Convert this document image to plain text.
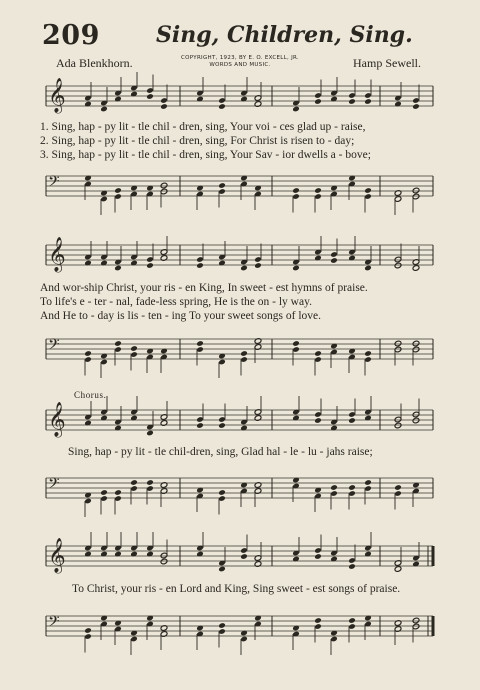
209	Sing, Children, Sing.
Ada Blenkhorn.	COPYRIGHT, 1923, BY E. O. EXCELL, JR.
WORDS AND MUSIC.	Hamp Sewell.
𝄞
1. Sing, hap - py lit - tle chil - dren, sing, Your voi - ces glad up - raise,
2. Sing, hap - py lit - tle chil - dren, sing, For Christ is risen to - day;
3. Sing, hap - py lit - tle chil - dren, sing, Your Sav - ior dwells a - bove;
𝄢
𝄞
And wor-ship Christ, your ris - en King, In sweet - est hymns of praise.
To life's e - ter - nal, fade-less spring, He is the on - ly way.
And He to - day is lis - ten - ing To your sweet songs of love.
𝄢
Chorus.
𝄞
Sing, hap - py lit - tle chil-dren, sing, Glad hal - le - lu - jahs raise;
𝄢
𝄞
To Christ, your ris - en Lord and King, Sing sweet - est songs of praise.
𝄢
